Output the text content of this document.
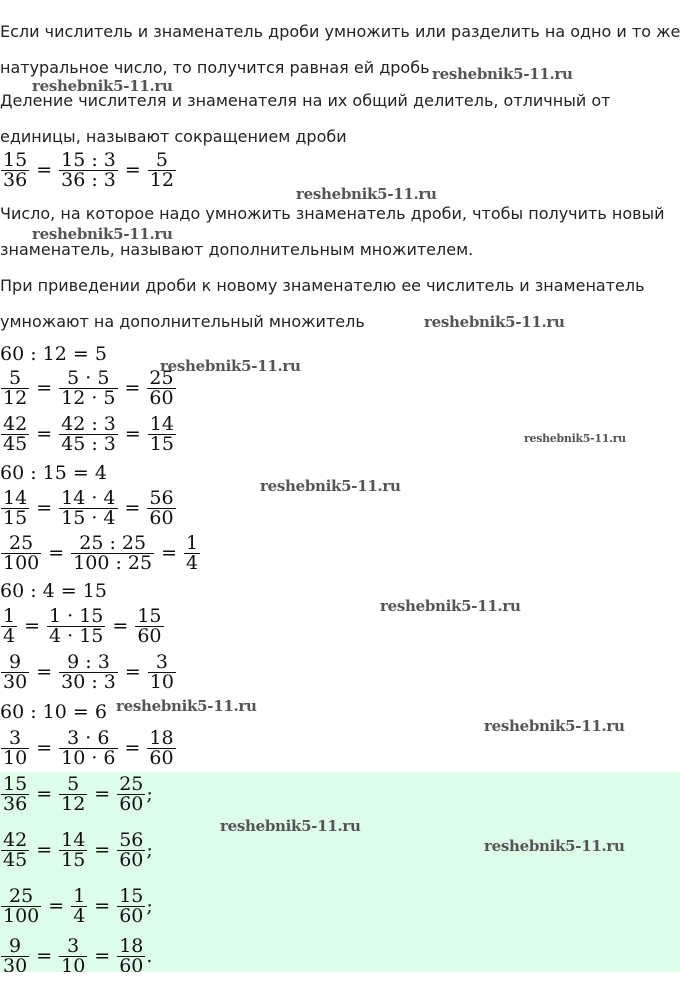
Если числитель и знаменатель дроби умножить или разделить на одно и то же
натуральное число, то получится равная ей дробь
Деление числителя и знаменателя на их общий делитель, отличный от
единицы, называют сокращением дроби
$\frac{15}{36} = \frac{15 : 3}{36 : 3} = \frac{5}{12}$
Число, на которое надо умножить знаменатель дроби, чтобы получить новый
знаменатель, называют дополнительным множителем.
При приведении дроби к новому знаменателю ее числитель и знаменатель
умножают на дополнительный множитель
60 : 12 = 5
$\frac{5}{12} = \frac{5 \cdot 5}{12 \cdot 5} = \frac{25}{60}$
$\frac{42}{45} = \frac{42 : 3}{45 : 3} = \frac{14}{15}$
60 : 15 = 4
$\frac{14}{15} = \frac{14 \cdot 4}{15 \cdot 4} = \frac{56}{60}$
$\frac{25}{100} = \frac{25 : 25}{100 : 25} = \frac{1}{4}$
60 : 4 = 15
$\frac{1}{4} = \frac{1 \cdot 15}{4 \cdot 15} = \frac{15}{60}$
$\frac{9}{30} = \frac{9 : 3}{30 : 3} = \frac{3}{10}$
60 : 10 = 6
$\frac{3}{10} = \frac{3 \cdot 6}{10 \cdot 6} = \frac{18}{60}$
$\frac{15}{36} = \frac{5}{12} = \frac{25}{60}$ ;
$\frac{42}{45} = \frac{14}{15} = \frac{56}{60}$ ;
$\frac{25}{100} = \frac{1}{4} = \frac{15}{60}$ ;
$\frac{9}{30} = \frac{3}{10} = \frac{18}{60}$ .
reshebnik5-11.ru
reshebnik5-11.ru
reshebnik5-11.ru
reshebnik5-11.ru
reshebnik5-11.ru
reshebnik5-11.ru
reshebnik5-11.ru
reshebnik5-11.ru
reshebnik5-11.ru
reshebnik5-11.ru
reshebnik5-11.ru
reshebnik5-11.ru
reshebnik5-11.ru
